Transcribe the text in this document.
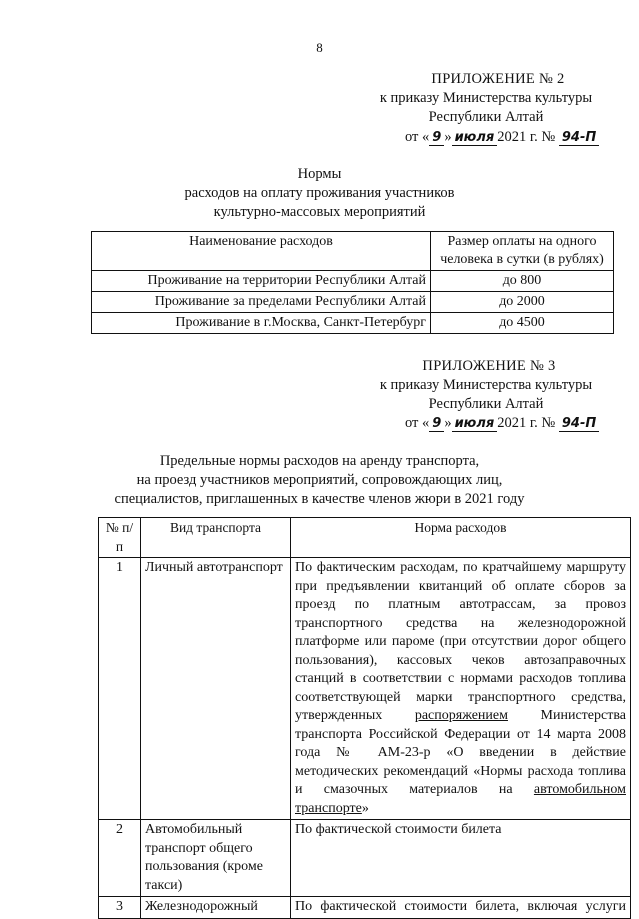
8
ПРИЛОЖЕНИЕ № 2
к приказу Министерства культуры
Республики Алтай
от « 9 » июля 2021 г. № 94-П
Нормы
расходов на оплату проживания участников
культурно-массовых мероприятий
Наименование расходов	Размер оплаты на одного человека в сутки (в рублях)
Проживание на территории Республики Алтай	до 800
Проживание за пределами Республики Алтай	до 2000
Проживание в г.Москва, Санкт-Петербург	до 4500
ПРИЛОЖЕНИЕ № 3
к приказу Министерства культуры
Республики Алтай
от « 9 » июля 2021 г. № 94-П
Предельные нормы расходов на аренду транспорта,
на проезд участников мероприятий, сопровождающих лиц,
специалистов, приглашенных в качестве членов жюри в 2021 году
№ п/п	Вид транспорта	Норма расходов
1	Личный автотранспорт	По фактическим расходам, по кратчайшему маршруту при предъявлении квитанций об оплате сборов за проезд по платным автотрассам, за провоз транспортного средства на железнодорожной платформе или пароме (при отсутствии дорог общего пользования), кассовых чеков автозаправочных станций в соответствии с нормами расходов топлива соответствующей марки транспортного средства, утвержденных распоряжением Министерства транспорта Российской Федерации от 14 марта 2008 года № АМ-23-р «О введении в действие методических рекомендаций «Нормы расхода топлива и смазочных материалов на автомобильном транспорте»
2	Автомобильный транспорт общего пользования (кроме такси)	По фактической стоимости билета
3	Железнодорожный	По фактической стоимости билета, включая услуги
